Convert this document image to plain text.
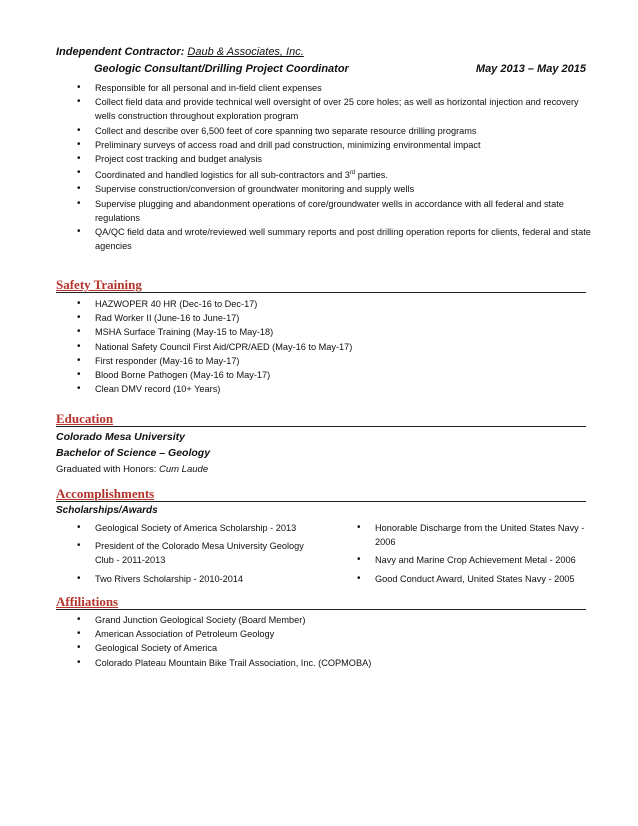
Independent Contractor: Daub & Associates, Inc.
Geologic Consultant/Drilling Project Coordinator	May 2013 – May 2015
• Responsible for all personal and in-field client expenses
• Collect field data and provide technical well oversight of over 25 core holes; as well as horizontal injection and recovery wells construction throughout exploration program
• Collect and describe over 6,500 feet of core spanning two separate resource drilling programs
• Preliminary surveys of access road and drill pad construction, minimizing environmental impact
• Project cost tracking and budget analysis
• Coordinated and handled logistics for all sub-contractors and 3rd parties.
• Supervise construction/conversion of groundwater monitoring and supply wells
• Supervise plugging and abandonment operations of core/groundwater wells in accordance with all federal and state regulations
• QA/QC field data and wrote/reviewed well summary reports and post drilling operation reports for clients, federal and state agencies
Safety Training
• HAZWOPER 40 HR (Dec-16 to Dec-17)
• Rad Worker II (June-16 to June-17)
• MSHA Surface Training (May-15 to May-18)
• National Safety Council First Aid/CPR/AED (May-16 to May-17)
• First responder (May-16 to May-17)
• Blood Borne Pathogen (May-16 to May-17)
• Clean DMV record (10+ Years)
Education
Colorado Mesa University
Bachelor of Science – Geology
Graduated with Honors: Cum Laude
Accomplishments
Scholarships/Awards
• Geological Society of America Scholarship - 2013
• President of the Colorado Mesa University Geology Club - 2011-2013
• Two Rivers Scholarship - 2010-2014
• Honorable Discharge from the United States Navy - 2006
• Navy and Marine Crop Achievement Metal - 2006
• Good Conduct Award, United States Navy - 2005
Affiliations
• Grand Junction Geological Society (Board Member)
• American Association of Petroleum Geology
• Geological Society of America
• Colorado Plateau Mountain Bike Trail Association, Inc. (COPMOBA)
